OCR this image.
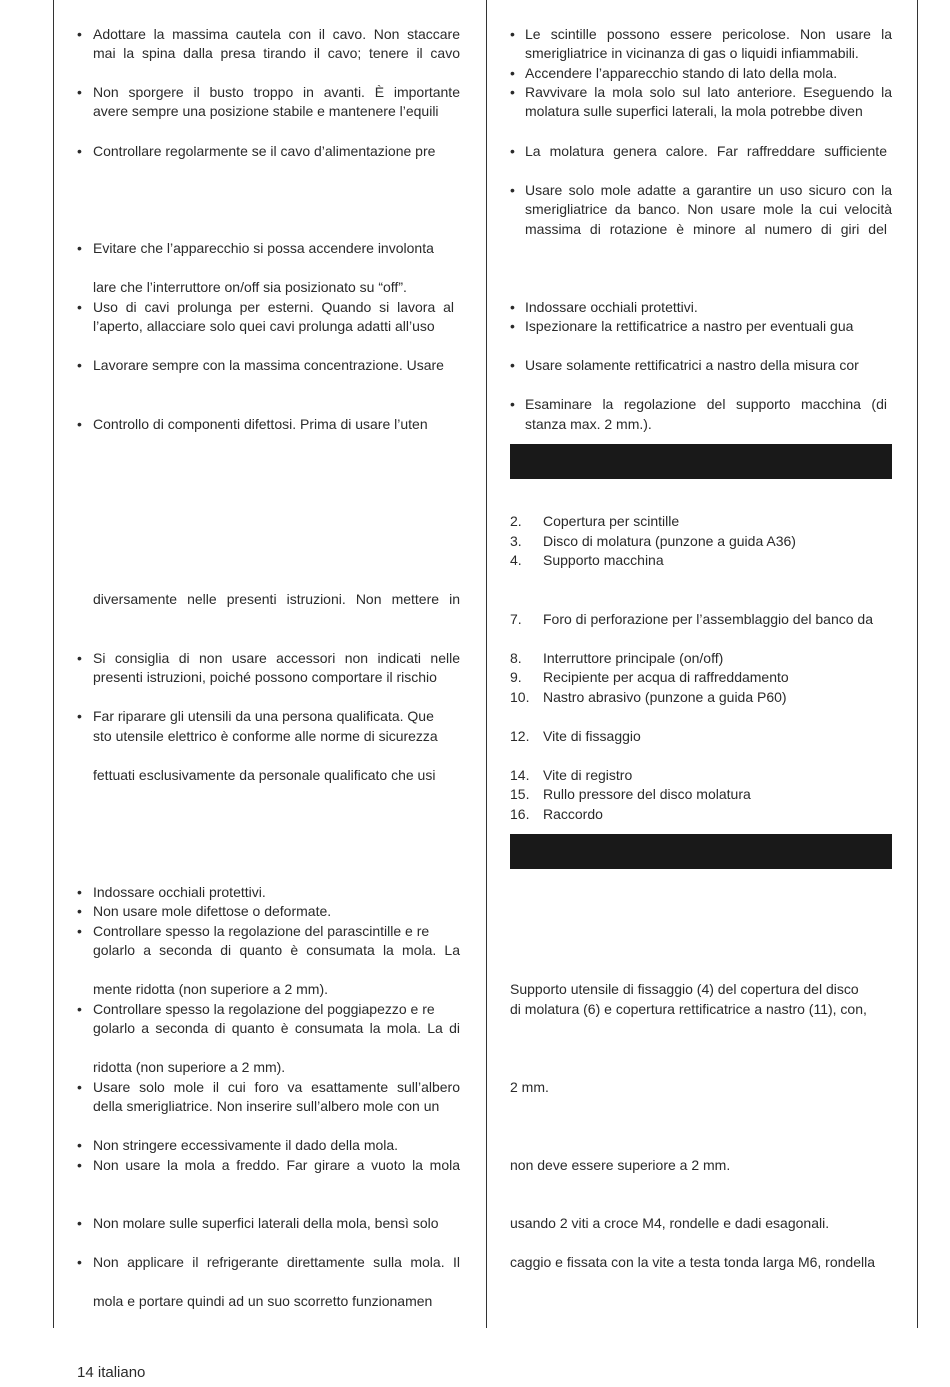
• Adottare la massima cautela con il cavo. Non staccare
mai la spina dalla presa tirando il cavo; tenere il cavo
• Non sporgere il busto troppo in avanti. È importante
avere sempre una posizione stabile e mantenere l’equili
• Controllare regolarmente se il cavo d’alimentazione pre
• Evitare che l’apparecchio si possa accendere involonta
lare che l’interruttore on/off sia posizionato su “off”.
• Uso di cavi prolunga per esterni. Quando si lavora al
l’aperto, allacciare solo quei cavi prolunga adatti all’uso
• Lavorare sempre con la massima concentrazione. Usare
• Controllo di componenti difettosi. Prima di usare l’uten
diversamente nelle presenti istruzioni. Non mettere in
• Si consiglia di non usare accessori non indicati nelle
presenti istruzioni, poiché possono comportare il rischio
• Far riparare gli utensili da una persona qualificata. Que
sto utensile elettrico è conforme alle norme di sicurezza
fettuati esclusivamente da personale qualificato che usi
• Indossare occhiali protettivi.
• Non usare mole difettose o deformate.
• Controllare spesso la regolazione del parascintille e re
golarlo a seconda di quanto è consumata la mola. La
mente ridotta (non superiore a 2 mm).
• Controllare spesso la regolazione del poggiapezzo e re
golarlo a seconda di quanto è consumata la mola. La di
ridotta (non superiore a 2 mm).
• Usare solo mole il cui foro va esattamente sull’albero
della smerigliatrice. Non inserire sull’albero mole con un
• Non stringere eccessivamente il dado della mola.
• Non usare la mola a freddo. Far girare a vuoto la mola
• Non molare sulle superfici laterali della mola, bensì solo
• Non applicare il refrigerante direttamente sulla mola. Il
mola e portare quindi ad un suo scorretto funzionamen
• Le scintille possono essere pericolose. Non usare la
smerigliatrice in vicinanza di gas o liquidi infiammabili.
• Accendere l’apparecchio stando di lato della mola.
• Ravvivare la mola solo sul lato anteriore. Eseguendo la
molatura sulle superfici laterali, la mola potrebbe diven
• La molatura genera calore. Far raffreddare sufficiente
• Usare solo mole adatte a garantire un uso sicuro con la
smerigliatrice da banco. Non usare mole la cui velocità
massima di rotazione è minore al numero di giri del
• Indossare occhiali protettivi.
• Ispezionare la rettificatrice a nastro per eventuali gua
• Usare solamente rettificatrici a nastro della misura cor
• Esaminare la regolazione del supporto macchina (di
stanza max. 2 mm.).
2. Copertura per scintille
3. Disco di molatura (punzone a guida A36)
4. Supporto macchina
7. Foro di perforazione per l’assemblaggio del banco da
8. Interruttore principale (on/off)
9. Recipiente per acqua di raffreddamento
10. Nastro abrasivo (punzone a guida P60)
12. Vite di fissaggio
14. Vite di registro
15. Rullo pressore del disco molatura
16. Raccordo
Supporto utensile di fissaggio (4) del copertura del disco
di molatura (6) e copertura rettificatrice a nastro (11), con,
2 mm.
non deve essere superiore a 2 mm.
usando 2 viti a croce M4, rondelle e dadi esagonali.
caggio e fissata con la vite a testa tonda larga M6, rondella
14 italiano
